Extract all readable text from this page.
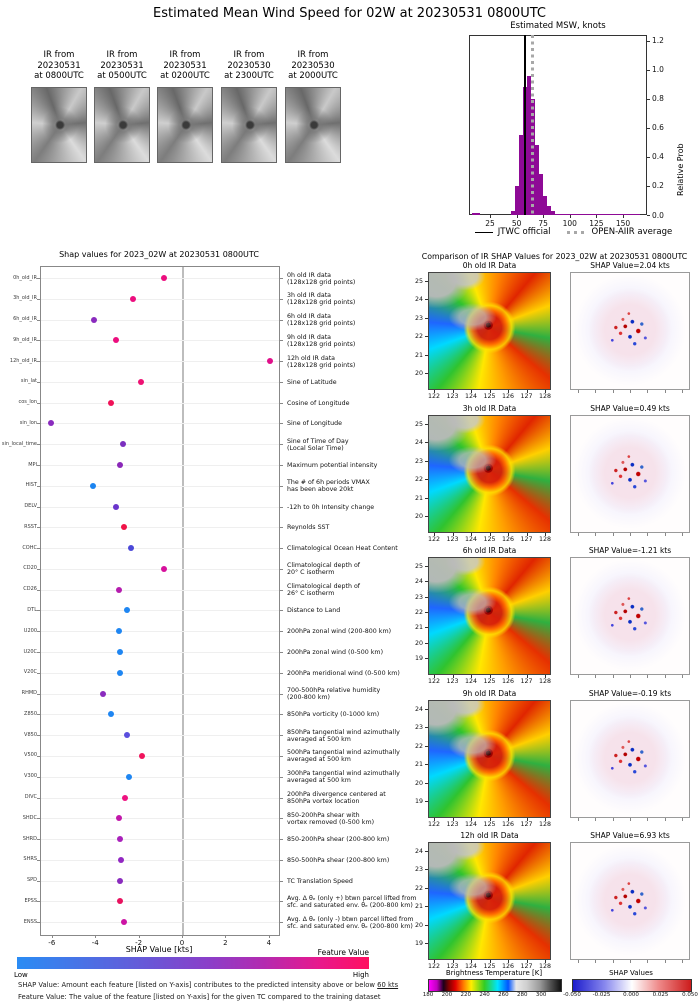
Estimated Mean Wind Speed for 02W at 20230531 0800UTC
IR from
20230531
at 0800UTC
IR from
20230531
at 0500UTC
IR from
20230531
at 0200UTC
IR from
20230530
at 2300UTC
IR from
20230530
at 2000UTC
Estimated MSW, knots
25	50	75	100	125	150
0.0
0.2
0.4
0.6
0.8
1.0
1.2
Relative Prob
JTWC official	OPEN-AIIR average
Shap values for 2023_02W at 20230531 0800UTC
0h_old_IR	0h old IR data
(128x128 grid points)
3h_old_IR	3h old IR data
(128x128 grid points)
6h_old_IR	6h old IR data
(128x128 grid points)
9h_old_IR	9h old IR data
(128x128 grid points)
12h_old_IR	12h old IR data
(128x128 grid points)
sin_lat	Sine of Latitude
cos_lon	Cosine of Longitude
sin_lon	Sine of Longitude
sin_local_time	Sine of Time of Day
(Local Solar Time)
MPI	Maximum potential intensity
HIST	The # of 6h periods VMAX
has been above 20kt
DELV	-12h to 0h Intensity change
RSST	Reynolds SST
COHC	Climatological Ocean Heat Content
CD20	Climatological depth of
20° C isotherm
CD26	Climatological depth of
26° C isotherm
DTL	Distance to Land
U200	200hPa zonal wind (200-800 km)
U20C	200hPa zonal wind (0-500 km)
V20C	200hPa meridional wind (0-500 km)
RHMD	700-500hPa relative humidity
(200-800 km)
Z850	850hPa vorticity (0-1000 km)
V850	850hPa tangential wind azimuthally
averaged at 500 km
V500	500hPa tangential wind azimuthally
averaged at 500 km
V300	300hPa tangential wind azimuthally
averaged at 500 km
DIVC	200hPa divergence centered at
850hPa vortex location
SHDC	850-200hPa shear with
vortex removed (0-500 km)
SHRD	850-200hPa shear (200-800 km)
SHRS	850-500hPa shear (200-800 km)
SPD	TC Translation Speed
EPSS	Avg. Δ θₑ (only +) btwn parcel lifted from
sfc. and saturated env. θₑ (200-800 km)
ENSS	Avg. Δ θₑ (only -) btwn parcel lifted from
sfc. and saturated env. θₑ (200-800 km)
-6	-4	-2	0	2	4
SHAP Value [kts]
Comparison of IR SHAP Values for 2023_02W at 20230531 0800UTC
0h old IR Data	SHAP Value=2.04 kts
25
24
23
22
21
20
122	123	124	125	126	127	128
3h old IR Data	SHAP Value=0.49 kts
25
24
23
22
21
20
122	123	124	125	126	127	128
6h old IR Data	SHAP Value=-1.21 kts
25
24
23
22
21
20
19
122	123	124	125	126	127	128
9h old IR Data	SHAP Value=-0.19 kts
24
23
22
21
20
19
122	123	124	125	126	127	128
12h old IR Data	SHAP Value=6.93 kts
24
23
22
21
20
19
122	123	124	125	126	127	128
Feature Value
Low	High	Brightness Temperature [K]	SHAP Values
180	200	220	240	260	280	300	-0.050	-0.025	0.000	0.025	0.050
SHAP Value: Amount each feature [listed on Y-axis] contributes to the predicted intensity above or below 60 kts
Feature Value: The value of the feature [listed on Y-axis] for the given TC compared to the training dataset
